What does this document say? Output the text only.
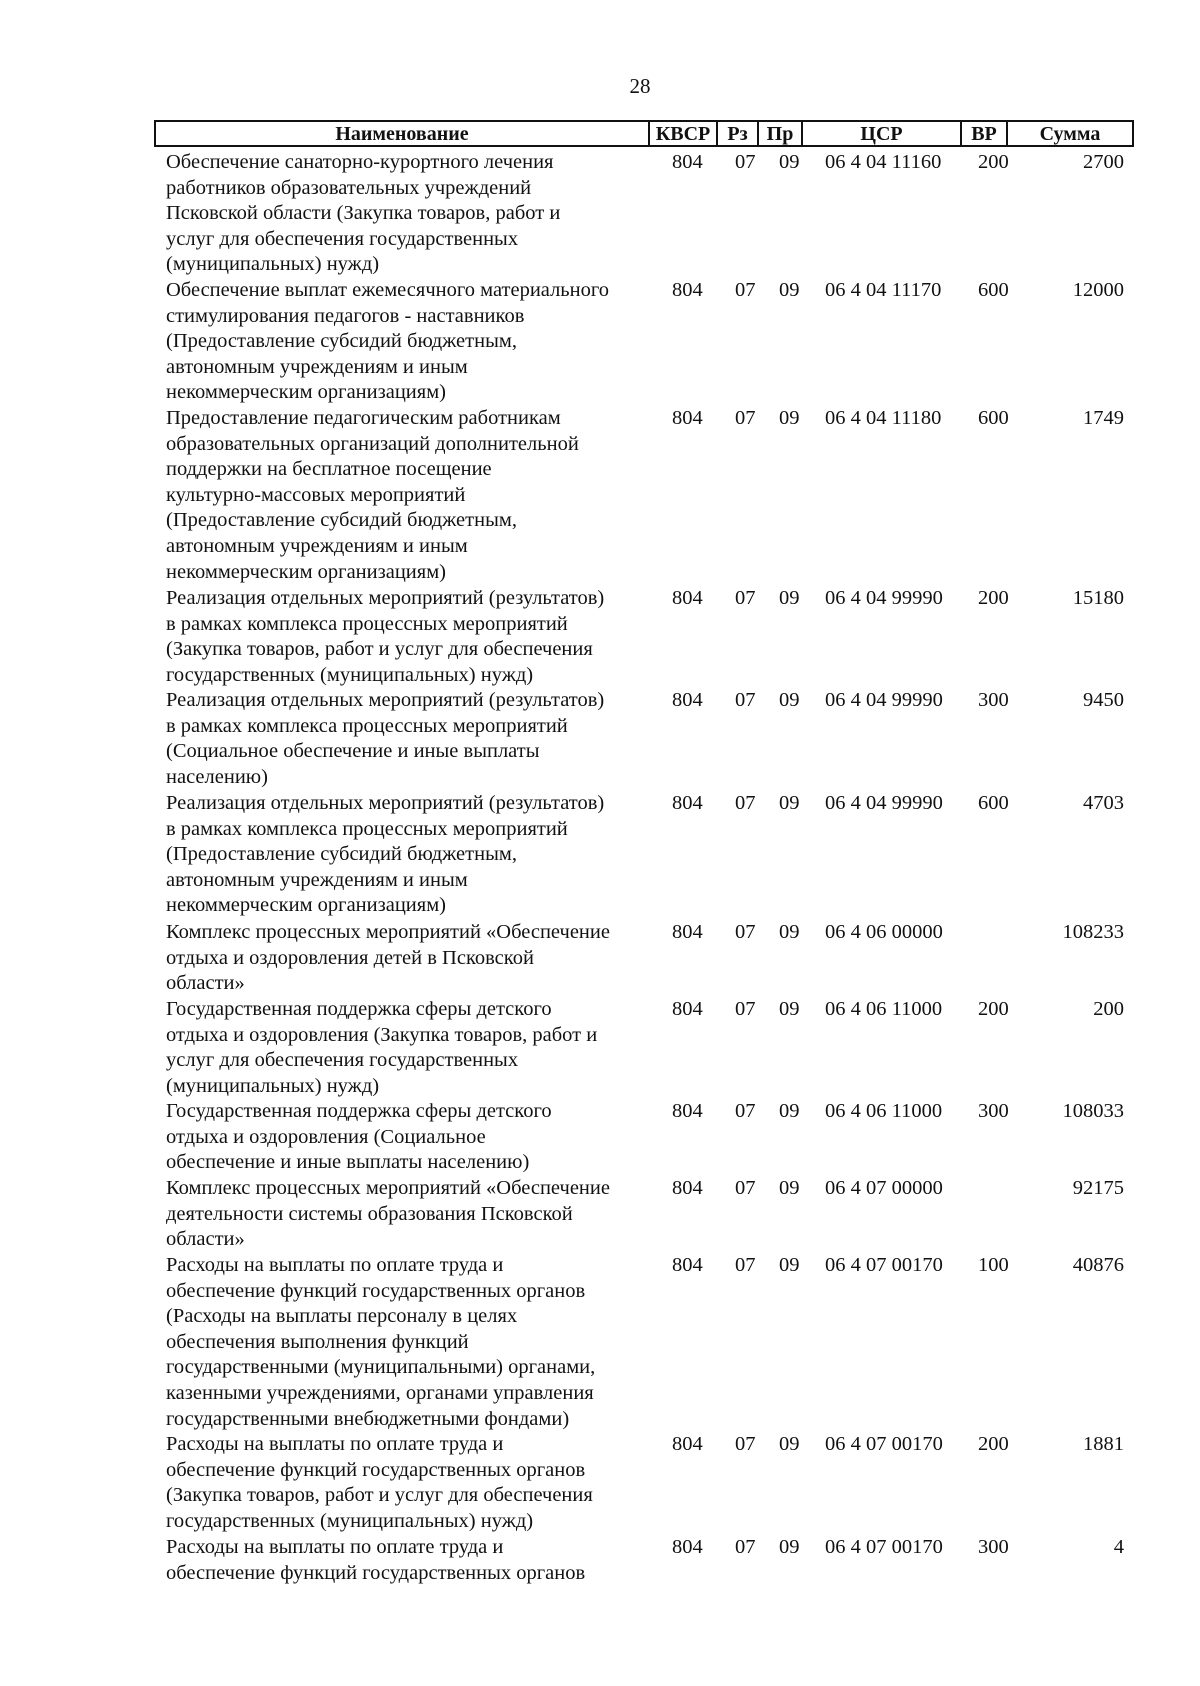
28
Наименование	КВСР Рз Пр	ЦСР	ВР	Сумма
Обеспечение санаторно-курортного лечения
работников образовательных учреждений
Псковской области (Закупка товаров, работ и
услуг для обеспечения государственных
(муниципальных) нужд)
804 07 09 06 4 04 11160 200	2700
Обеспечение выплат ежемесячного материального
стимулирования педагогов - наставников
(Предоставление субсидий бюджетным,
автономным учреждениям и иным
некоммерческим организациям)
804 07 09 06 4 04 11170 600	12000
Предоставление педагогическим работникам
образовательных организаций дополнительной
поддержки на бесплатное посещение
культурно-массовых мероприятий
(Предоставление субсидий бюджетным,
автономным учреждениям и иным
некоммерческим организациям)
804 07 09 06 4 04 11180 600	1749
Реализация отдельных мероприятий (результатов)
в рамках комплекса процессных мероприятий
(Закупка товаров, работ и услуг для обеспечения
государственных (муниципальных) нужд)
804 07 09 06 4 04 99990 200	15180
Реализация отдельных мероприятий (результатов)
в рамках комплекса процессных мероприятий
(Социальное обеспечение и иные выплаты
населению)
804 07 09 06 4 04 99990 300	9450
Реализация отдельных мероприятий (результатов)
в рамках комплекса процессных мероприятий
(Предоставление субсидий бюджетным,
автономным учреждениям и иным
некоммерческим организациям)
804 07 09 06 4 04 99990 600	4703
Комплекс процессных мероприятий «Обеспечение
отдыха и оздоровления детей в Псковской
области»
804 07 09 06 4 06 00000	108233
Государственная поддержка сферы детского
отдыха и оздоровления (Закупка товаров, работ и
услуг для обеспечения государственных
(муниципальных) нужд)
804 07 09 06 4 06 11000 200	200
Государственная поддержка сферы детского
отдыха и оздоровления (Социальное
обеспечение и иные выплаты населению)
804 07 09 06 4 06 11000 300	108033
Комплекс процессных мероприятий «Обеспечение
деятельности системы образования Псковской
области»
804 07 09 06 4 07 00000	92175
Расходы на выплаты по оплате труда и
обеспечение функций государственных органов
(Расходы на выплаты персоналу в целях
обеспечения выполнения функций
государственными (муниципальными) органами,
казенными учреждениями, органами управления
государственными внебюджетными фондами)
804 07 09 06 4 07 00170 100	40876
Расходы на выплаты по оплате труда и
обеспечение функций государственных органов
(Закупка товаров, работ и услуг для обеспечения
государственных (муниципальных) нужд)
804 07 09 06 4 07 00170 200	1881
Расходы на выплаты по оплате труда и
обеспечение функций государственных органов
804 07 09 06 4 07 00170 300	4
